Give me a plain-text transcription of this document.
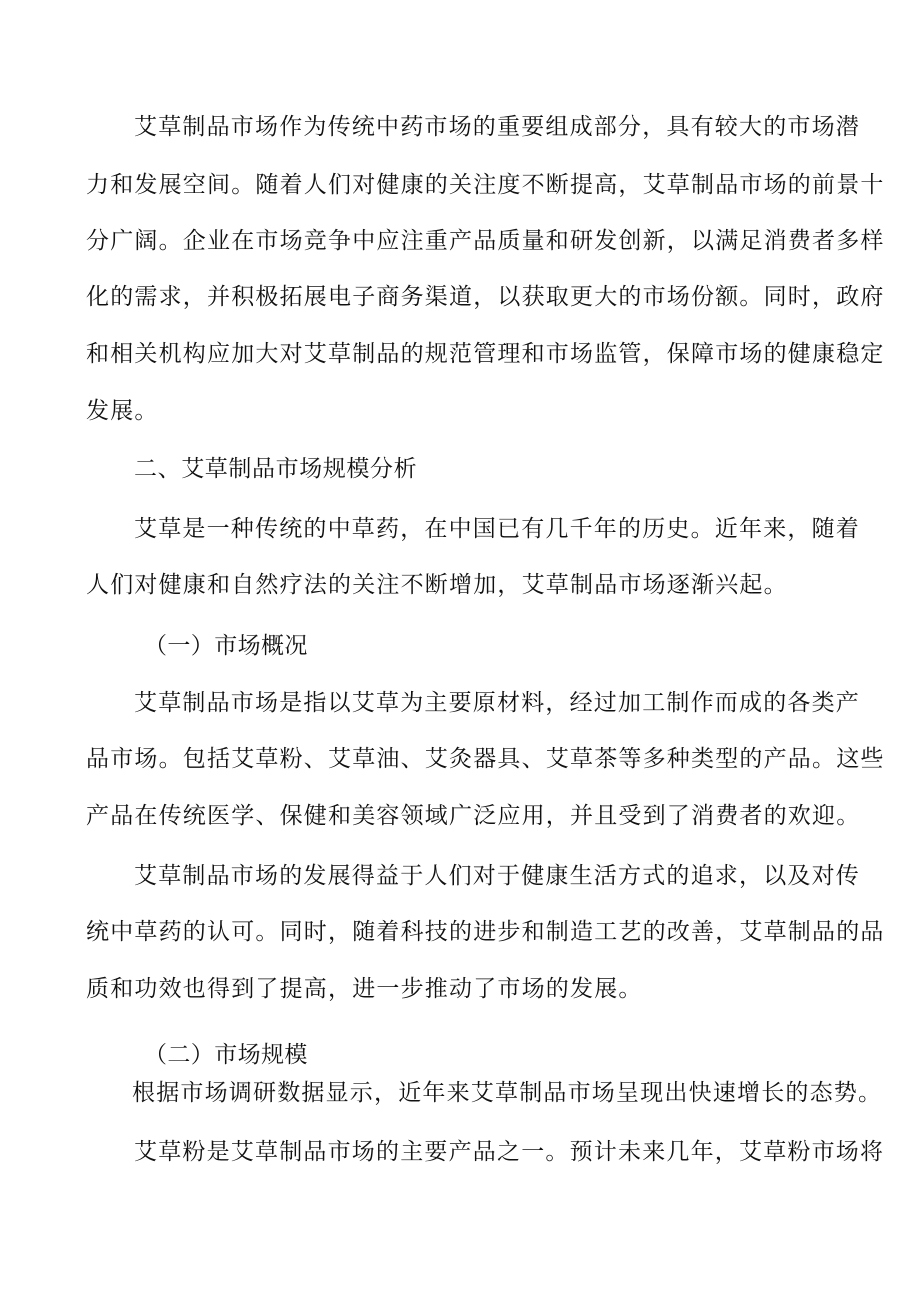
艾草制品市场作为传统中药市场的重要组成部分，具有较大的市场潜
力和发展空间。随着人们对健康的关注度不断提高，艾草制品市场的前景十
分广阔。企业在市场竞争中应注重产品质量和研发创新，以满足消费者多样
化的需求，并积极拓展电子商务渠道，以获取更大的市场份额。同时，政府
和相关机构应加大对艾草制品的规范管理和市场监管，保障市场的健康稳定
发展。
二、艾草制品市场规模分析
艾草是一种传统的中草药，在中国已有几千年的历史。近年来，随着
人们对健康和自然疗法的关注不断增加，艾草制品市场逐渐兴起。
（一）市场概况
艾草制品市场是指以艾草为主要原材料，经过加工制作而成的各类产
品市场。包括艾草粉、艾草油、艾灸器具、艾草茶等多种类型的产品。这些
产品在传统医学、保健和美容领域广泛应用，并且受到了消费者的欢迎。
艾草制品市场的发展得益于人们对于健康生活方式的追求，以及对传
统中草药的认可。同时，随着科技的进步和制造工艺的改善，艾草制品的品
质和功效也得到了提高，进一步推动了市场的发展。
（二）市场规模
根据市场调研数据显示，近年来艾草制品市场呈现出快速增长的态势。
艾草粉是艾草制品市场的主要产品之一。预计未来几年，艾草粉市场将
